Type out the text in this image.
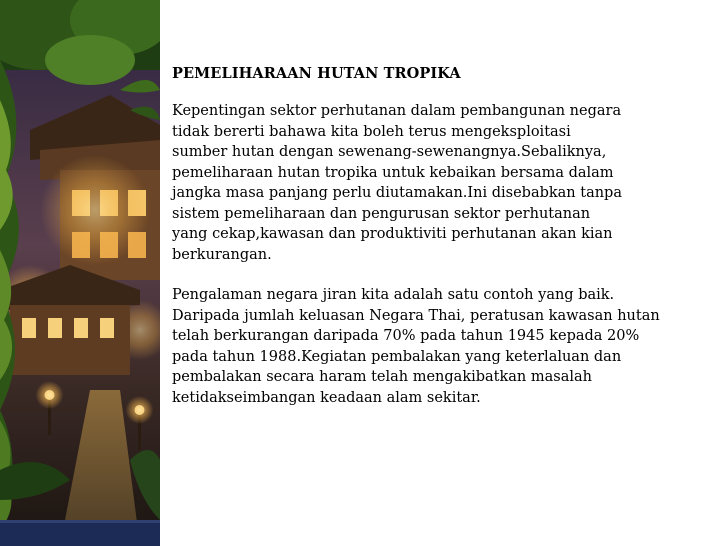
PEMELIHARAAN HUTAN TROPIKA

Kepentingan sektor perhutanan dalam pembangunan negara
tidak bererti bahawa kita boleh terus mengeksploitasi
sumber hutan dengan sewenang-sewenangnya.Sebaliknya,
pemeliharaan hutan tropika untuk kebaikan bersama dalam
jangka masa panjang perlu diutamakan.Ini disebabkan tanpa
sistem pemeliharaan dan pengurusan sektor perhutanan
yang cekap,kawasan dan produktiviti perhutanan akan kian
berkurangan.

Pengalaman negara jiran kita adalah satu contoh yang baik.
Daripada jumlah keluasan Negara Thai, peratusan kawasan hutan
telah berkurangan daripada 70% pada tahun 1945 kepada 20%
pada tahun 1988.Kegiatan pembalakan yang keterlaluan dan
pembalakan secara haram telah mengakibatkan masalah
ketidakseimbangan keadaan alam sekitar.
